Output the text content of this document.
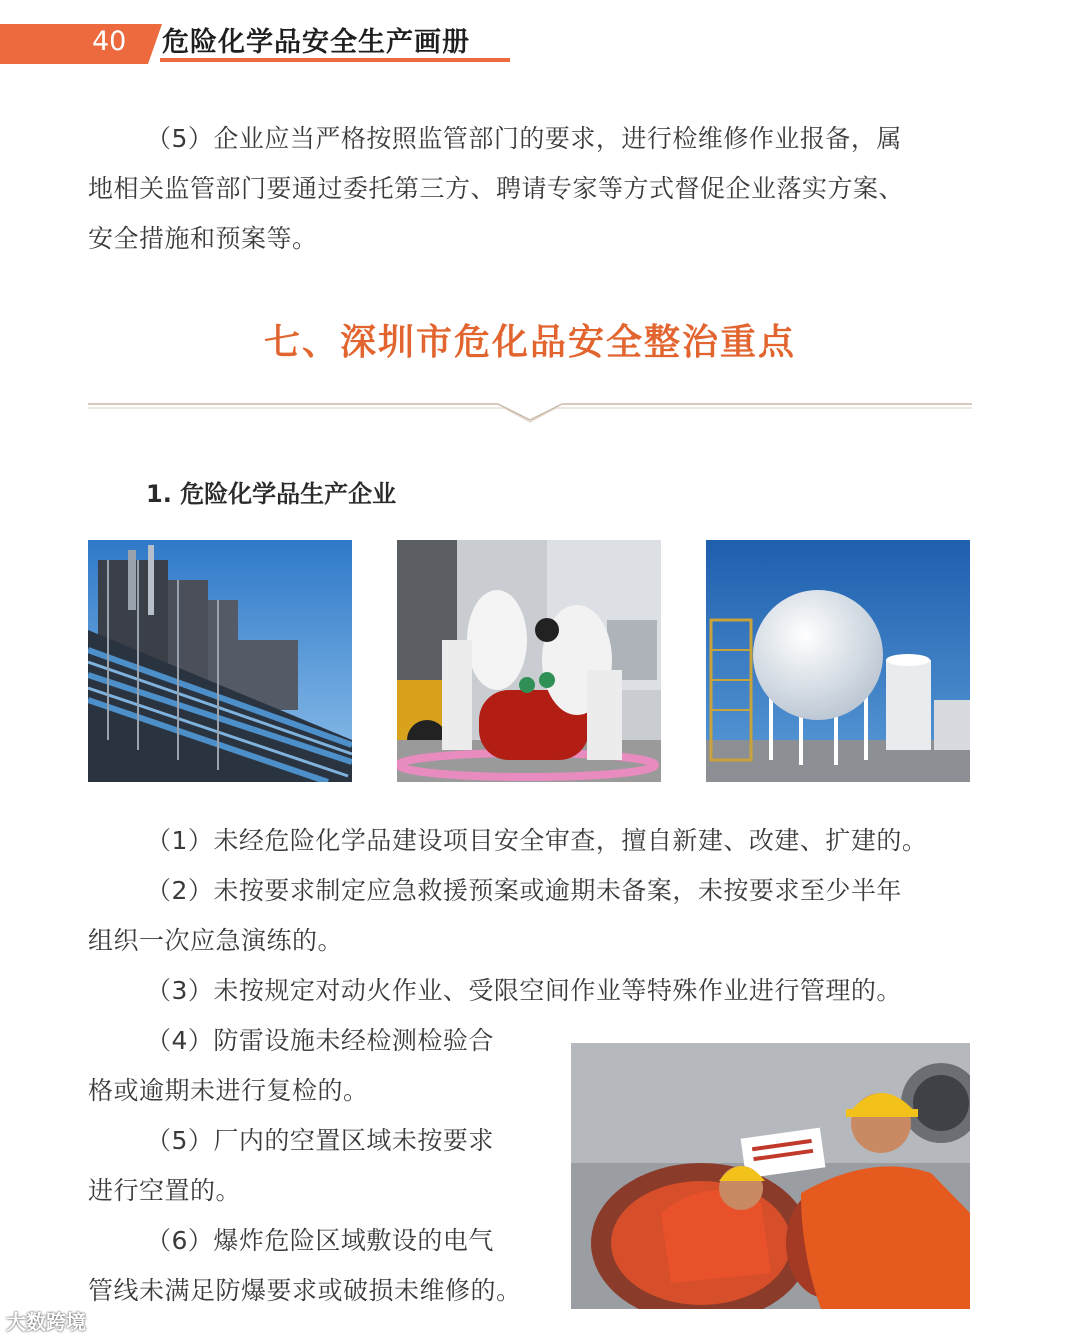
40 危险化学品安全生产画册
（5）企业应当严格按照监管部门的要求，进行检维修作业报备，属
地相关监管部门要通过委托第三方、聘请专家等方式督促企业落实方案、
安全措施和预案等。
七、深圳市危化品安全整治重点
1. 危险化学品生产企业
（1）未经危险化学品建设项目安全审查，擅自新建、改建、扩建的。
（2）未按要求制定应急救援预案或逾期未备案，未按要求至少半年
组织一次应急演练的。
（3）未按规定对动火作业、受限空间作业等特殊作业进行管理的。
（4）防雷设施未经检测检验合
格或逾期未进行复检的。
（5）厂内的空置区域未按要求
进行空置的。
（6）爆炸危险区域敷设的电气
管线未满足防爆要求或破损未维修的。
大数跨境
